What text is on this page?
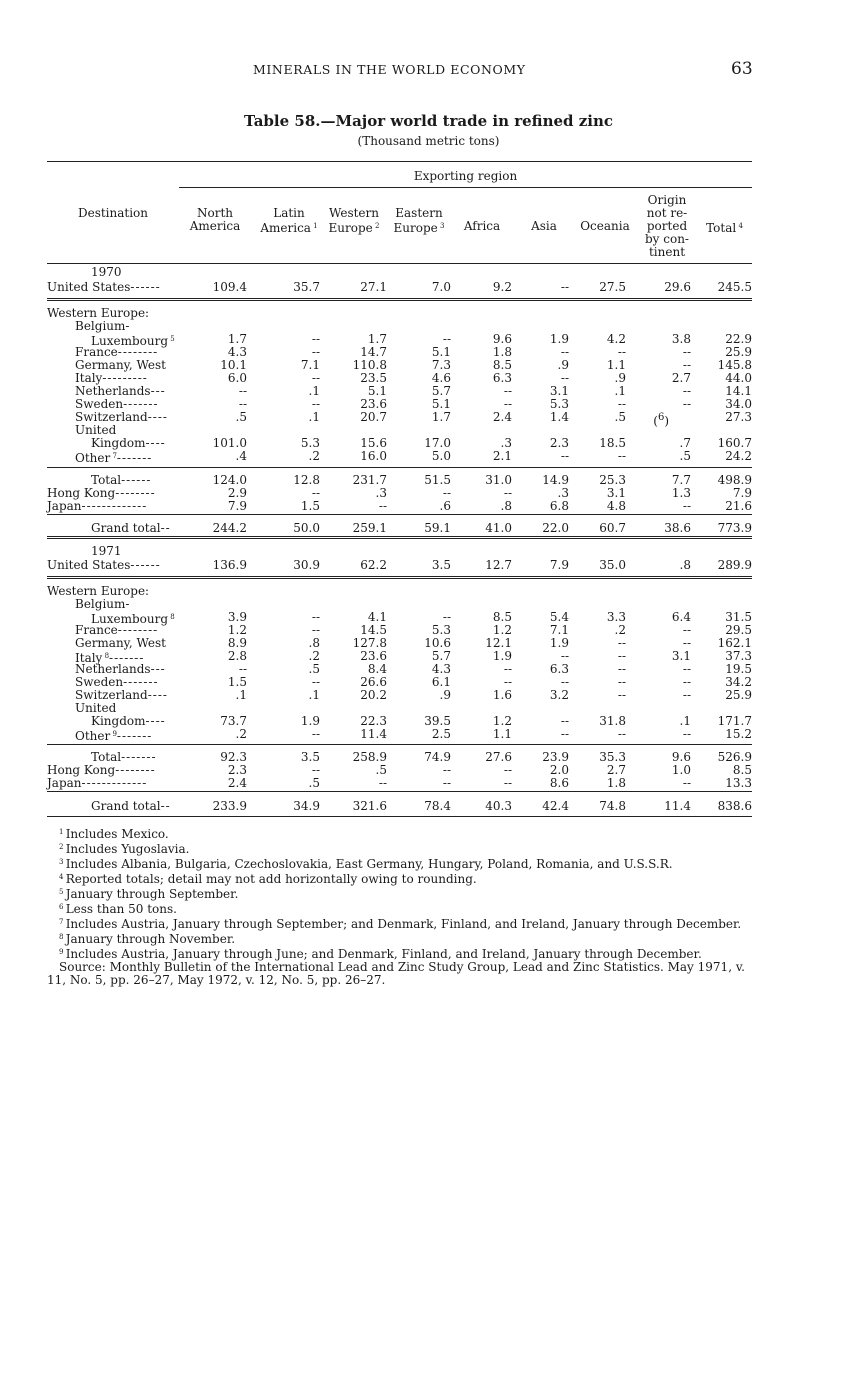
MINERALS IN THE WORLD ECONOMY	63
Table 58.—Major world trade in refined zinc
(Thousand metric tons)
Exporting region
Destination	North
America
Latin
America $^1$
Western
Europe $^2$
Eastern
Europe $^3$	Africa	Asia	Oceania
Origin
not re-
ported
by con-
tinent
Total $^4$
1970
United States------	109.4	35.7	27.1	7.0	9.2	--	27.5	29.6 245.5
Western Europe:
Belgium-
Luxembourg $^5$	1.7	--	1.7	--	9.6	1.9	4.2	3.8	22.9
France--------	4.3	--	14.7	5.1	1.8	--	--	--	25.9
Germany, West	10.1	7.1	110.8	7.3	8.5	.9	1.1	-- 145.8
Italy---------	6.0	--	23.5	4.6	6.3	--	.9	2.7	44.0
Netherlands---	--	.1	5.1	5.7	--	3.1	.1	--	14.1
Sweden-------	--	--	23.6	5.1	--	5.3	--	--	34.0
Switzerland----	.5	.1	20.7	1.7	2.4	1.4	.5 ($^6$)	27.3
United
Kingdom----	101.0	5.3	15.6	17.0	.3	2.3	18.5	.7 160.7
Other $^7$-------	.4	.2	16.0	5.0	2.1	--	--	.5	24.2
Total------	124.0	12.8	231.7	51.5	31.0	14.9	25.3	7.7 498.9
Hong Kong--------	2.9	--	.3	--	--	.3	3.1	1.3	7.9
Japan-------------	7.9	1.5	--	.6	.8	6.8	4.8	--	21.6
Grand total--	244.2	50.0	259.1	59.1	41.0	22.0	60.7	38.6 773.9
1971
United States------	136.9	30.9	62.2	3.5	12.7	7.9	35.0	.8 289.9
Western Europe:
Belgium-
Luxembourg $^8$	3.9	--	4.1	--	8.5	5.4	3.3	6.4	31.5
France--------	1.2	--	14.5	5.3	1.2	7.1	.2	--	29.5
Germany, West	8.9	.8	127.8	10.6	12.1	1.9	--	-- 162.1
Italy $^8$-------	2.8	.2	23.6	5.7	1.9	--	--	3.1	37.3
Netherlands---	--	.5	8.4	4.3	--	6.3	--	--	19.5
Sweden-------	1.5	--	26.6	6.1	--	--	--	--	34.2
Switzerland----	.1	.1	20.2	.9	1.6	3.2	--	--	25.9
United
Kingdom----	73.7	1.9	22.3	39.5	1.2	--	31.8	.1 171.7
Other $^9$-------	.2	--	11.4	2.5	1.1	--	--	--	15.2
Total-------	92.3	3.5	258.9	74.9	27.6	23.9	35.3	9.6 526.9
Hong Kong--------	2.3	--	.5	--	--	2.0	2.7	1.0	8.5
Japan-------------	2.4	.5	--	--	--	8.6	1.8	--	13.3
Grand total--	233.9	34.9	321.6	78.4	40.3	42.4	74.8	11.4 838.6
$^1$ Includes Mexico.
$^2$ Includes Yugoslavia.
$^3$ Includes Albania, Bulgaria, Czechoslovakia, East Germany, Hungary, Poland, Romania, and U.S.S.R.
$^4$ Reported totals; detail may not add horizontally owing to rounding.
$^5$ January through September.
$^6$ Less than 50 tons.
$^7$ Includes Austria, January through September; and Denmark, Finland, and Ireland, January through December.
$^8$ January through November.
$^9$ Includes Austria, January through June; and Denmark, Finland, and Ireland, January through December.
Source: Monthly Bulletin of the International Lead and Zinc Study Group, Lead and Zinc Statistics. May 1971, v. 11, No. 5, pp. 26–27, May 1972, v. 12, No. 5, pp. 26–27.
